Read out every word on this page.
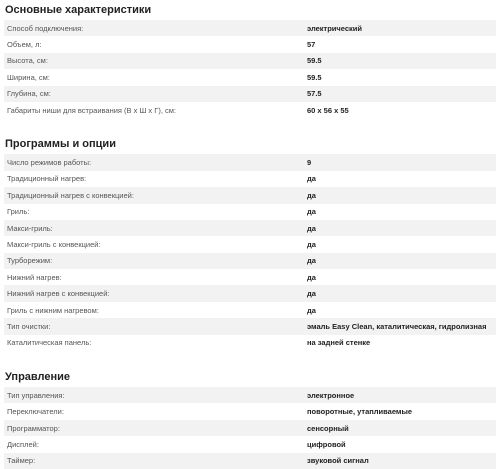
Основные характеристики
Способ подключения:	электрический
Объем, л:	57
Высота, см:	59.5
Ширина, см:	59.5
Глубина, см:	57.5
Габариты ниши для встраивания (В х Ш х Г), см:	60 х 56 х 55
Программы и опции
Число режимов работы:	9
Традиционный нагрев:	да
Традиционный нагрев с конвекцией:	да
Гриль:	да
Макси-гриль:	да
Макси-гриль с конвекцией:	да
Турборежим:	да
Нижний нагрев:	да
Нижний нагрев с конвекцией:	да
Гриль с нижним нагревом:	да
Тип очистки:	эмаль Easy Clean, каталитическая, гидролизная
Каталитическая панель:	на задней стенке
Управление
Тип управления:	электронное
Переключатели:	поворотные, утапливаемые
Программатор:	сенсорный
Дисплей:	цифровой
Таймер:	звуковой сигнал
